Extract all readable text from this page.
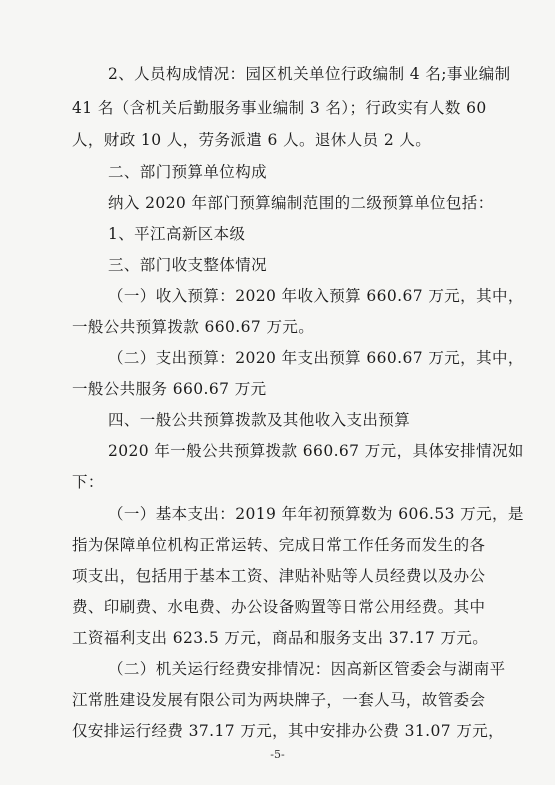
2、人员构成情况：园区机关单位行政编制 4 名;事业编制
41 名（含机关后勤服务事业编制 3 名）；行政实有人数 60
人，财政 10 人，劳务派遣 6 人。退休人员 2 人。
二、部门预算单位构成
纳入 2020 年部门预算编制范围的二级预算单位包括：
1、平江高新区本级
三、部门收支整体情况
（一）收入预算：2020 年收入预算 660.67 万元，其中，
一般公共预算拨款 660.67 万元。
（二）支出预算：2020 年支出预算 660.67 万元，其中，
一般公共服务 660.67 万元
四、一般公共预算拨款及其他收入支出预算
2020 年一般公共预算拨款 660.67 万元，具体安排情况如
下：
（一）基本支出：2019 年年初预算数为 606.53 万元，是
指为保障单位机构正常运转、完成日常工作任务而发生的各
项支出，包括用于基本工资、津贴补贴等人员经费以及办公
费、印刷费、水电费、办公设备购置等日常公用经费。其中
工资福利支出 623.5 万元，商品和服务支出 37.17 万元。
（二）机关运行经费安排情况：因高新区管委会与湖南平
江常胜建设发展有限公司为两块牌子，一套人马，故管委会
仅安排运行经费 37.17 万元，其中安排办公费 31.07 万元，
-5-
